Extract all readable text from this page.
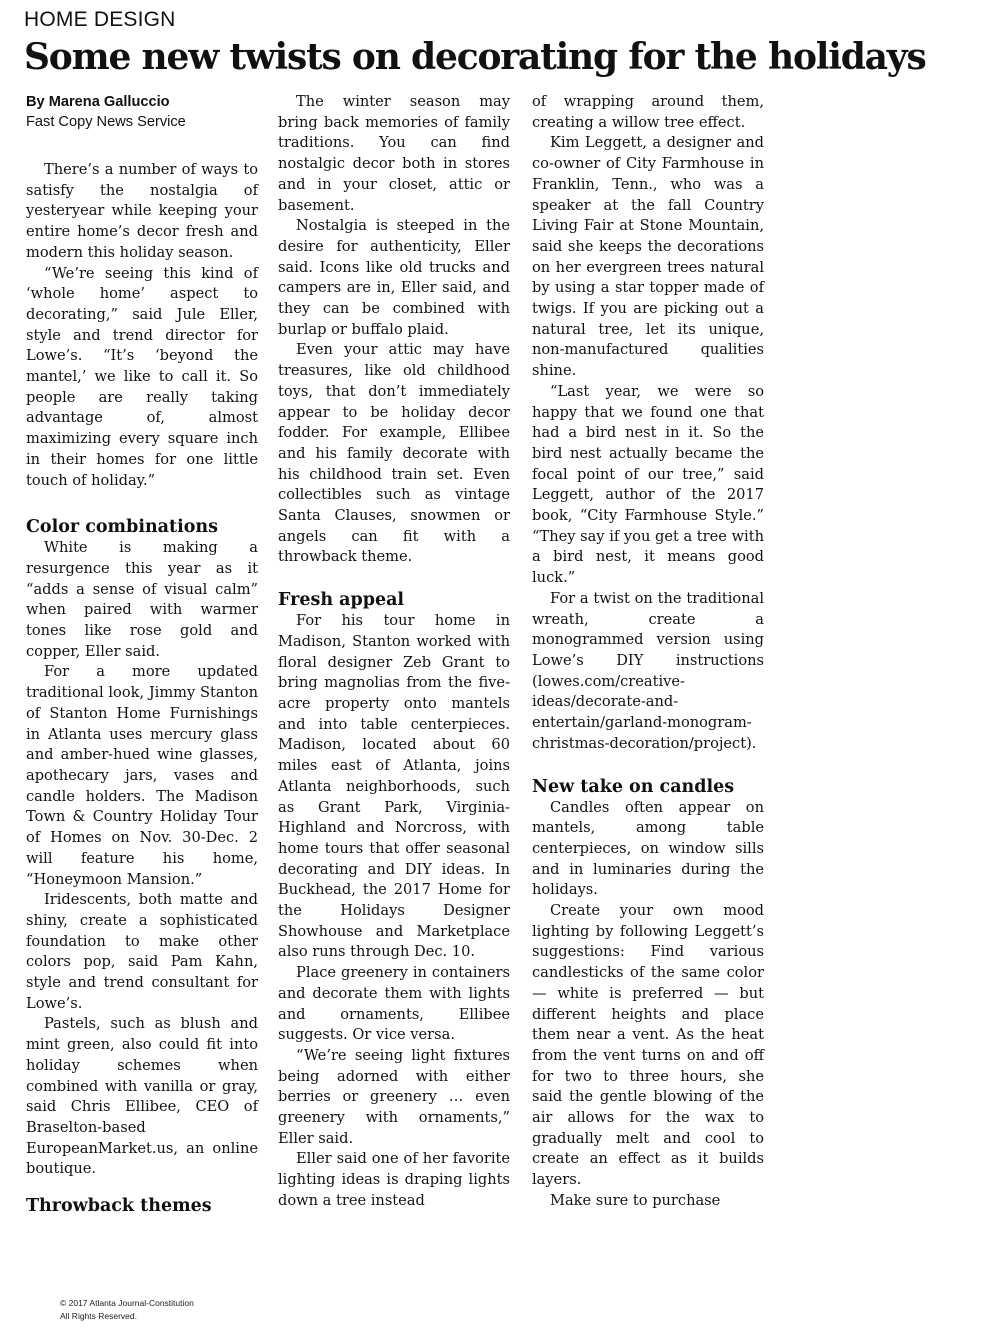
HOME DESIGN
Some new twists on decorating for the holidays
By Marena Galluccio
Fast Copy News Service

There’s a number of ways to satisfy the nostalgia of yesteryear while keeping your entire home’s decor fresh and modern this holiday season.

“We’re seeing this kind of ‘whole home’ aspect to decorating,” said Jule Eller, style and trend director for Lowe’s. “It’s ‘beyond the mantel,’ we like to call it. So people are really taking advantage of, almost maximizing every square inch in their homes for one little touch of holiday.”

Color combinations

White is making a resurgence this year as it “adds a sense of visual calm” when paired with warmer tones like rose gold and copper, Eller said.

For a more updated traditional look, Jimmy Stanton of Stanton Home Furnishings in Atlanta uses mercury glass and amber-hued wine glasses, apothecary jars, vases and candle holders. The Madison Town & Country Holiday Tour of Homes on Nov. 30-Dec. 2 will feature his home, “Honeymoon Mansion.”

Iridescents, both matte and shiny, create a sophisticated foundation to make other colors pop, said Pam Kahn, style and trend consultant for Lowe’s.

Pastels, such as blush and mint green, also could fit into holiday schemes when combined with vanilla or gray, said Chris Ellibee, CEO of Braselton-based EuropeanMarket.us, an online boutique.

Throwback themes

The winter season may bring back memories of family traditions. You can find nostalgic decor both in stores and in your closet, attic or basement.

Nostalgia is steeped in the desire for authenticity, Eller said. Icons like old trucks and campers are in, Eller said, and they can be combined with burlap or buffalo plaid.

Even your attic may have treasures, like old childhood toys, that don’t immediately appear to be holiday decor fodder. For example, Ellibee and his family decorate with his childhood train set. Even collectibles such as vintage Santa Clauses, snowmen or angels can fit with a throwback theme.

Fresh appeal

For his tour home in Madison, Stanton worked with floral designer Zeb Grant to bring magnolias from the five-acre property onto mantels and into table centerpieces. Madison, located about 60 miles east of Atlanta, joins Atlanta neighborhoods, such as Grant Park, Virginia-Highland and Norcross, with home tours that offer seasonal decorating and DIY ideas. In Buckhead, the 2017 Home for the Holidays Designer Showhouse and Marketplace also runs through Dec. 10.

Place greenery in containers and decorate them with lights and ornaments, Ellibee suggests. Or vice versa.

“We’re seeing light fixtures being adorned with either berries or greenery … even greenery with ornaments,” Eller said.

Eller said one of her favorite lighting ideas is draping lights down a tree instead

of wrapping around them, creating a willow tree effect.

Kim Leggett, a designer and co-owner of City Farmhouse in Franklin, Tenn., who was a speaker at the fall Country Living Fair at Stone Mountain, said she keeps the decorations on her evergreen trees natural by using a star topper made of twigs. If you are picking out a natural tree, let its unique, non-manufactured qualities shine.

“Last year, we were so happy that we found one that had a bird nest in it. So the bird nest actually became the focal point of our tree,” said Leggett, author of the 2017 book, “City Farmhouse Style.” “They say if you get a tree with a bird nest, it means good luck.”

For a twist on the traditional wreath, create a monogrammed version using Lowe’s DIY instructions (lowes.com/creative-ideas/decorate-and-entertain/garland-monogram-christmas-decoration/project).

New take on candles

Candles often appear on mantels, among table centerpieces, on window sills and in luminaries during the holidays.

Create your own mood lighting by following Leggett’s suggestions: Find various candlesticks of the same color — white is preferred — but different heights and place them near a vent. As the heat from the vent turns on and off for two to three hours, she said the gentle blowing of the air allows for the wax to gradually melt and cool to create an effect as it builds layers.

Make sure to purchase

© 2017 Atlanta Journal-Constitution
All Rights Reserved.
